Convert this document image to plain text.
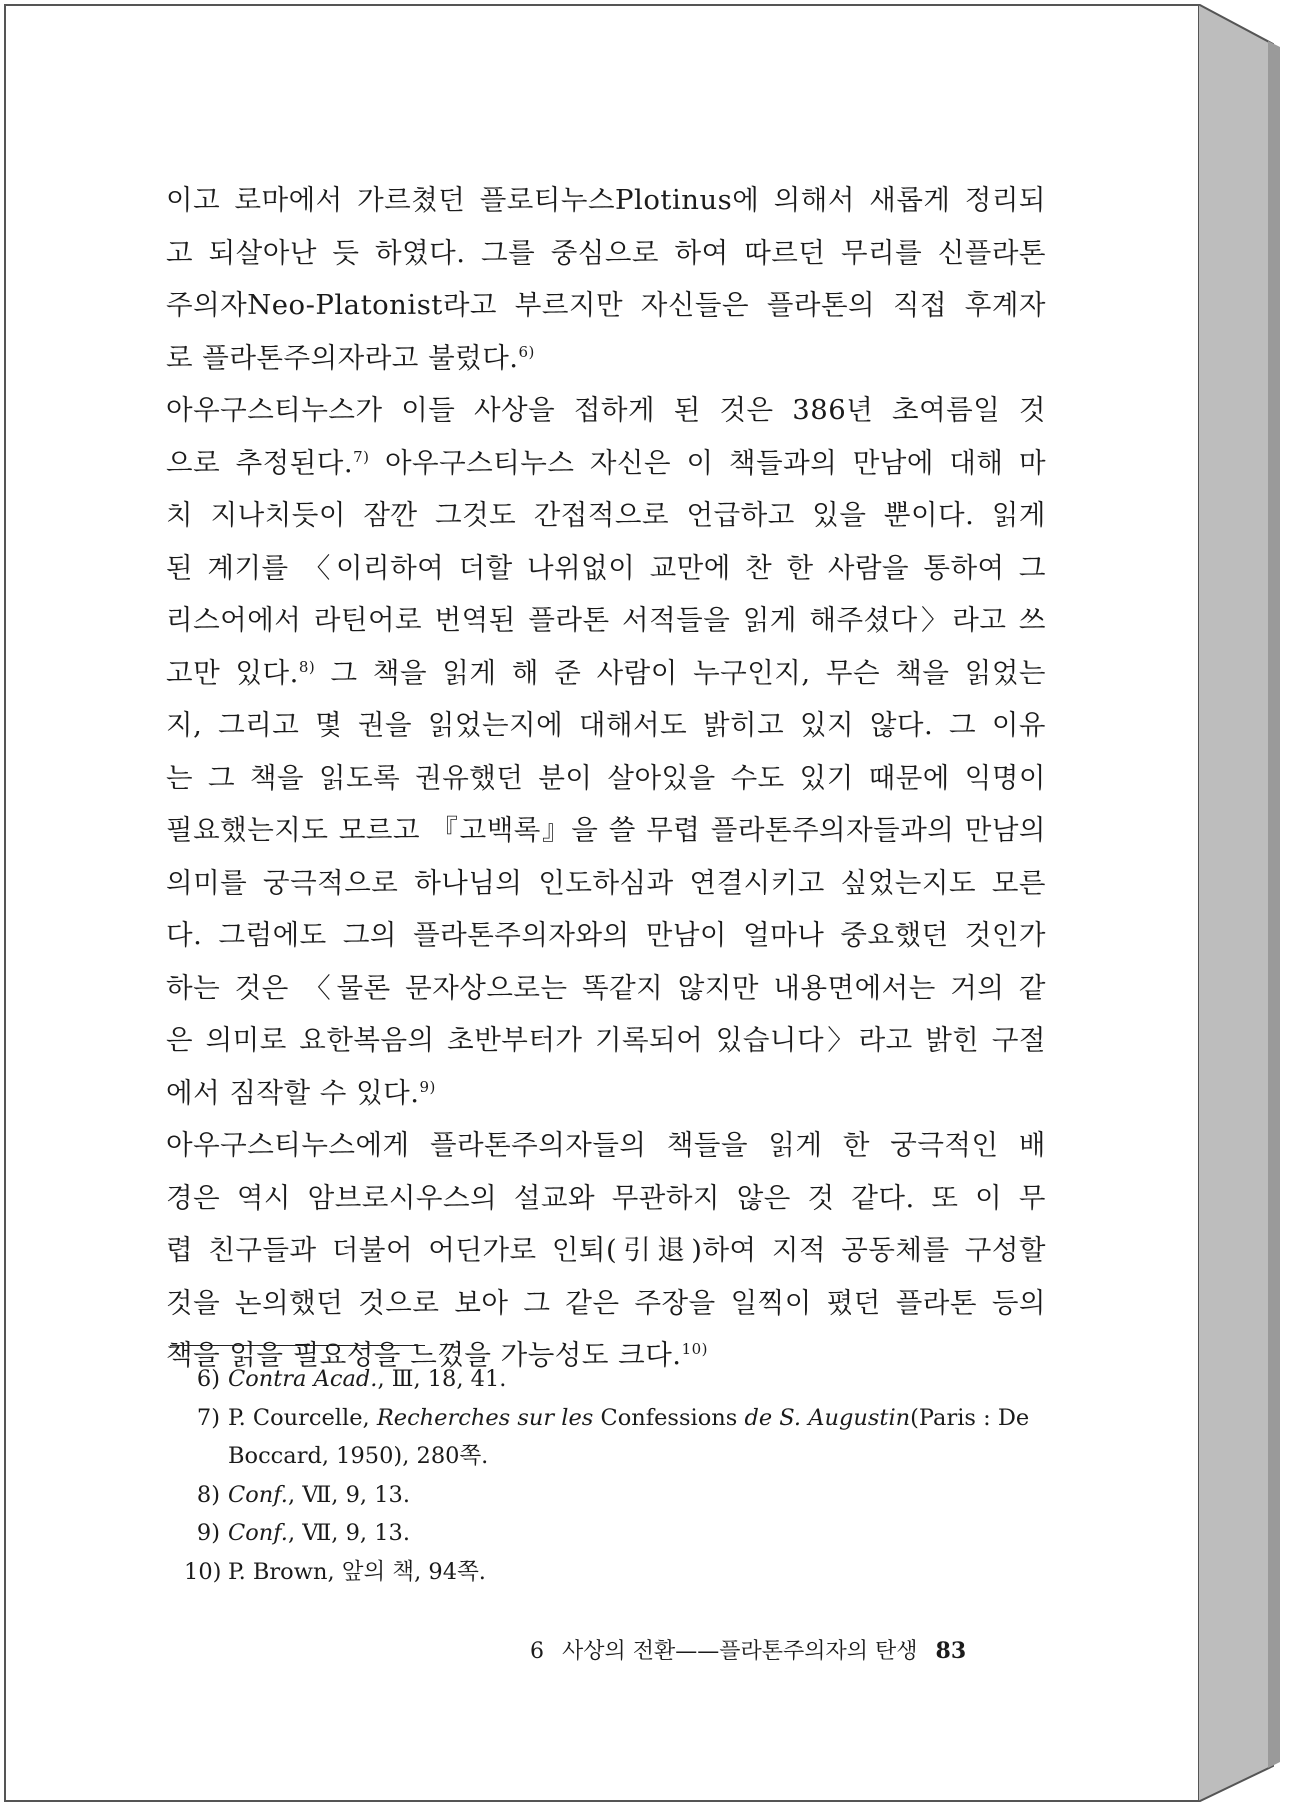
이고 로마에서 가르쳤던 플로티누스Plotinus에 의해서 새롭게 정리되
고 되살아난 듯 하였다. 그를 중심으로 하여 따르던 무리를 신플라톤
주의자Neo-Platonist라고 부르지만 자신들은 플라톤의 직접 후계자
로 플라톤주의자라고 불렀다.$^{6)}$

아우구스티누스가 이들 사상을 접하게 된 것은 386년 초여름일 것
으로 추정된다.$^{7)}$ 아우구스티누스 자신은 이 책들과의 만남에 대해 마
치 지나치듯이 잠깐 그것도 간접적으로 언급하고 있을 뿐이다. 읽게
된 계기를 〈이리하여 더할 나위없이 교만에 찬 한 사람을 통하여 그
리스어에서 라틴어로 번역된 플라톤 서적들을 읽게 해주셨다〉라고 쓰
고만 있다.$^{8)}$ 그 책을 읽게 해 준 사람이 누구인지, 무슨 책을 읽었는
지, 그리고 몇 권을 읽었는지에 대해서도 밝히고 있지 않다. 그 이유
는 그 책을 읽도록 권유했던 분이 살아있을 수도 있기 때문에 익명이
필요했는지도 모르고 『고백록』을 쓸 무렵 플라톤주의자들과의 만남의
의미를 궁극적으로 하나님의 인도하심과 연결시키고 싶었는지도 모른
다. 그럼에도 그의 플라톤주의자와의 만남이 얼마나 중요했던 것인가
하는 것은 〈물론 문자상으로는 똑같지 않지만 내용면에서는 거의 같
은 의미로 요한복음의 초반부터가 기록되어 있습니다〉라고 밝힌 구절
에서 짐작할 수 있다.$^{9)}$

아우구스티누스에게 플라톤주의자들의 책들을 읽게 한 궁극적인 배
경은 역시 암브로시우스의 설교와 무관하지 않은 것 같다. 또 이 무
렵 친구들과 더불어 어딘가로 인퇴(引退)하여 지적 공동체를 구성할
것을 논의했던 것으로 보아 그 같은 주장을 일찍이 폈던 플라톤 등의
책을 읽을 필요성을 느꼈을 가능성도 크다.$^{10)}$

6) Contra Acad., Ⅲ, 18, 41.
7) P. Courcelle, Recherches sur les Confessions de S. Augustin(Paris : De
Boccard, 1950), 280쪽.
8) Conf., Ⅶ, 9, 13.
9) Conf., Ⅶ, 9, 13.
10) P. Brown, 앞의 책, 94쪽.
6 사상의 전환——플라톤주의자의 탄생 83
